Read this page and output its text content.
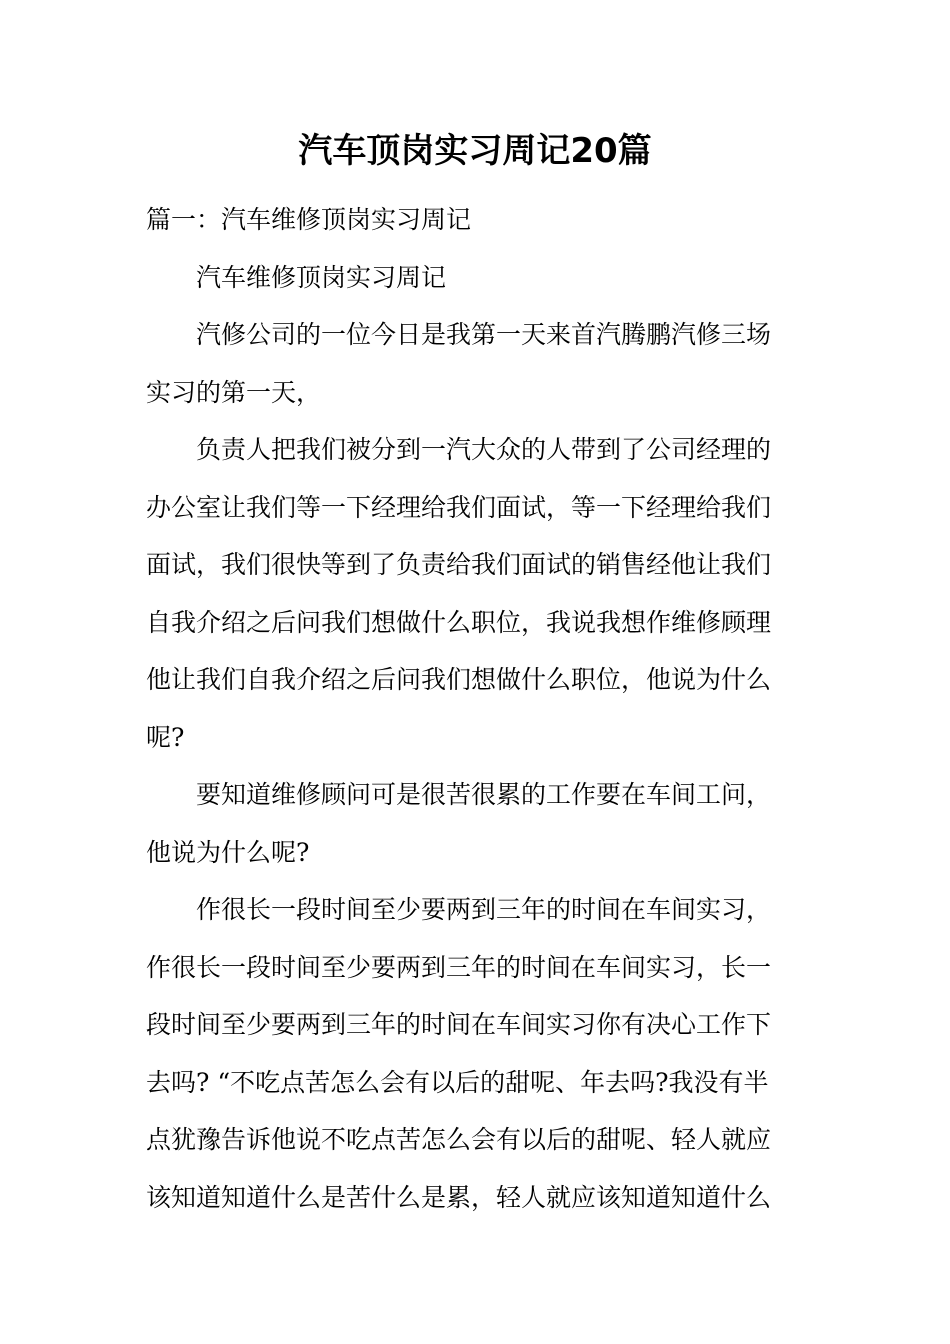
汽车顶岗实习周记20篇

篇一：汽车维修顶岗实习周记

汽车维修顶岗实习周记

汽修公司的一位今日是我第一天来首汽腾鹏汽修三场

实习的第一天，

负责人把我们被分到一汽大众的人带到了公司经理的

办公室让我们等一下经理给我们面试，等一下经理给我们

面试，我们很快等到了负责给我们面试的销售经他让我们

自我介绍之后问我们想做什么职位，我说我想作维修顾理

他让我们自我介绍之后问我们想做什么职位，他说为什么

呢?

要知道维修顾问可是很苦很累的工作要在车间工问，

他说为什么呢?

作很长一段时间至少要两到三年的时间在车间实习，

作很长一段时间至少要两到三年的时间在车间实习，长一

段时间至少要两到三年的时间在车间实习你有决心工作下

去吗? “不吃点苦怎么会有以后的甜呢、年去吗?我没有半

点犹豫告诉他说不吃点苦怎么会有以后的甜呢、轻人就应

该知道知道什么是苦什么是累，轻人就应该知道知道什么
